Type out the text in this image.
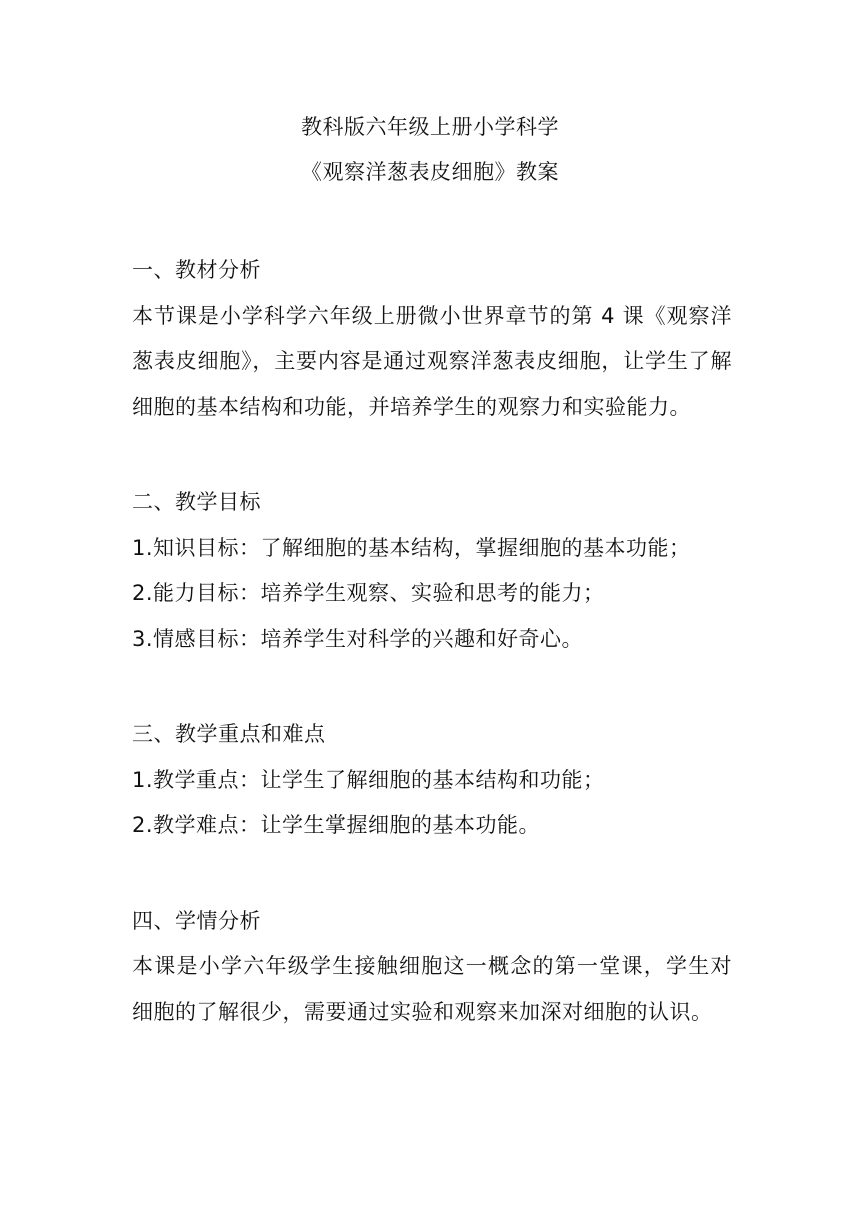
教科版六年级上册小学科学
《观察洋葱表皮细胞》教案
一、教材分析

本节课是小学科学六年级上册微小世界章节的第 4 课《观察洋葱表皮细胞》，主要内容是通过观察洋葱表皮细胞，让学生了解细胞的基本结构和功能，并培养学生的观察力和实验能力。

二、教学目标
1.知识目标：了解细胞的基本结构，掌握细胞的基本功能；
2.能力目标：培养学生观察、实验和思考的能力；
3.情感目标：培养学生对科学的兴趣和好奇心。
三、教学重点和难点
1.教学重点：让学生了解细胞的基本结构和功能；
2.教学难点：让学生掌握细胞的基本功能。
四、学情分析

本课是小学六年级学生接触细胞这一概念的第一堂课，学生对细胞的了解很少，需要通过实验和观察来加深对细胞的认识。
